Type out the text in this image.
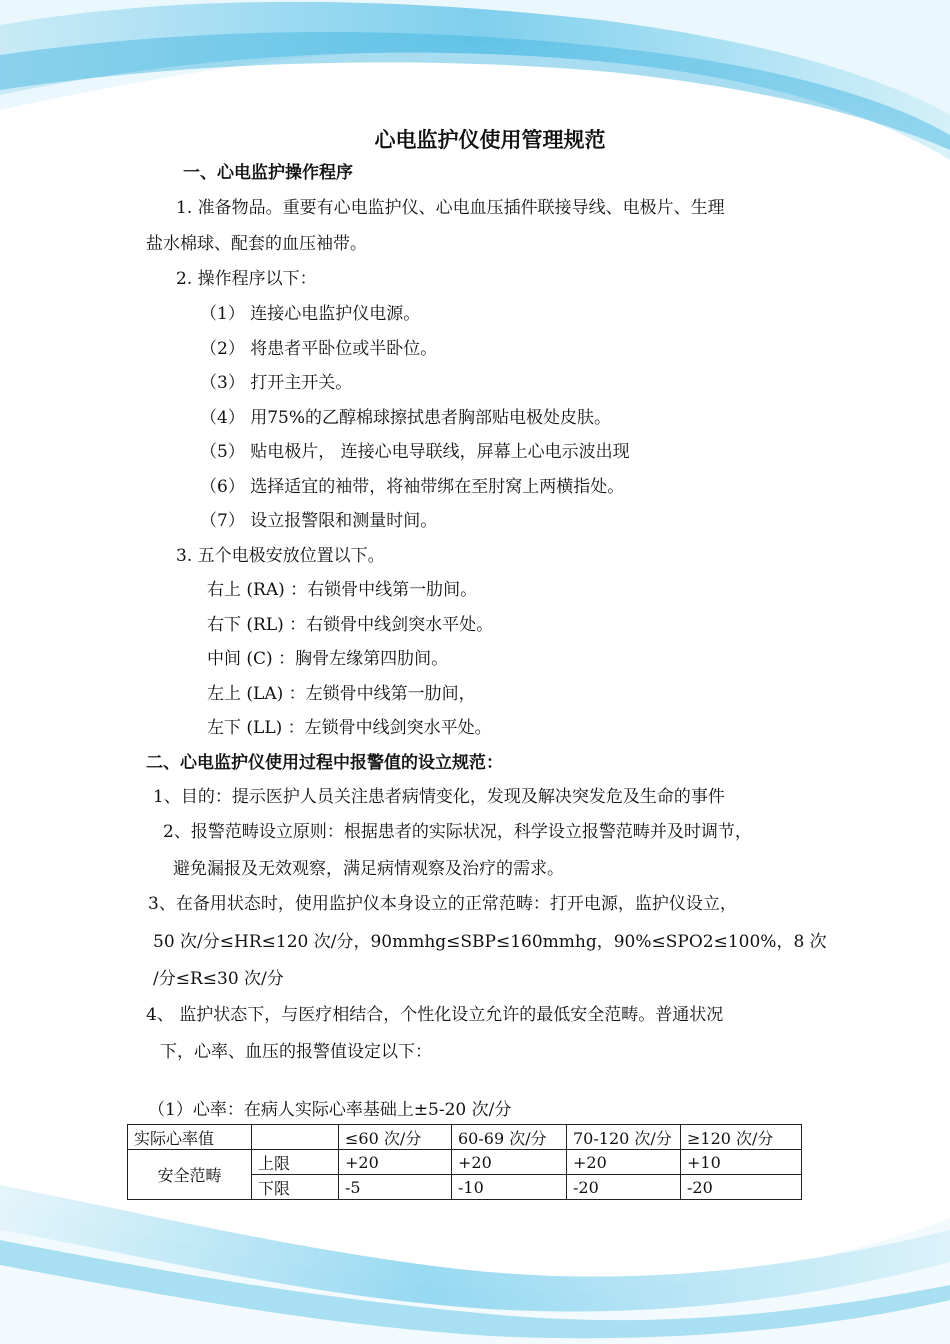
心电监护仪使用管理规范
一、心电监护操作程序
1. 准备物品。重要有心电监护仪、心电血压插件联接导线、电极片、生理
盐水棉球、配套的血压袖带。
2. 操作程序以下：
（1） 连接心电监护仪电源。
（2） 将患者平卧位或半卧位。
（3） 打开主开关。
（4） 用75%的乙醇棉球擦拭患者胸部贴电极处皮肤。
（5） 贴电极片， 连接心电导联线，屏幕上心电示波出现
（6） 选择适宜的袖带，将袖带绑在至肘窝上两横指处。
（7） 设立报警限和测量时间。
3. 五个电极安放位置以下。
右上 (RA) ：右锁骨中线第一肋间。
右下 (RL) ：右锁骨中线剑突水平处。
中间 (C) ：胸骨左缘第四肋间。
左上 (LA) ：左锁骨中线第一肋间，
左下 (LL) ：左锁骨中线剑突水平处。
二、心电监护仪使用过程中报警值的设立规范：
1、目的：提示医护人员关注患者病情变化，发现及解决突发危及生命的事件
2、报警范畴设立原则：根据患者的实际状况，科学设立报警范畴并及时调节，
避免漏报及无效观察，满足病情观察及治疗的需求。
3、在备用状态时，使用监护仪本身设立的正常范畴：打开电源，监护仪设立，
50 次/分≤HR≤120 次/分，90mmhg≤SBP≤160mmhg，90%≤SPO2≤100%，8 次
/分≤R≤30 次/分
4、 监护状态下，与医疗相结合，个性化设立允许的最低安全范畴。普通状况
下，心率、血压的报警值设定以下：
（1）心率：在病人实际心率基础上±5-20 次/分
实际心率值		≤60 次/分	60-69 次/分	70-120 次/分	≥120 次/分
安全范畴	上限	+20	+20	+20	+10
	下限	-5	-10	-20	-20
